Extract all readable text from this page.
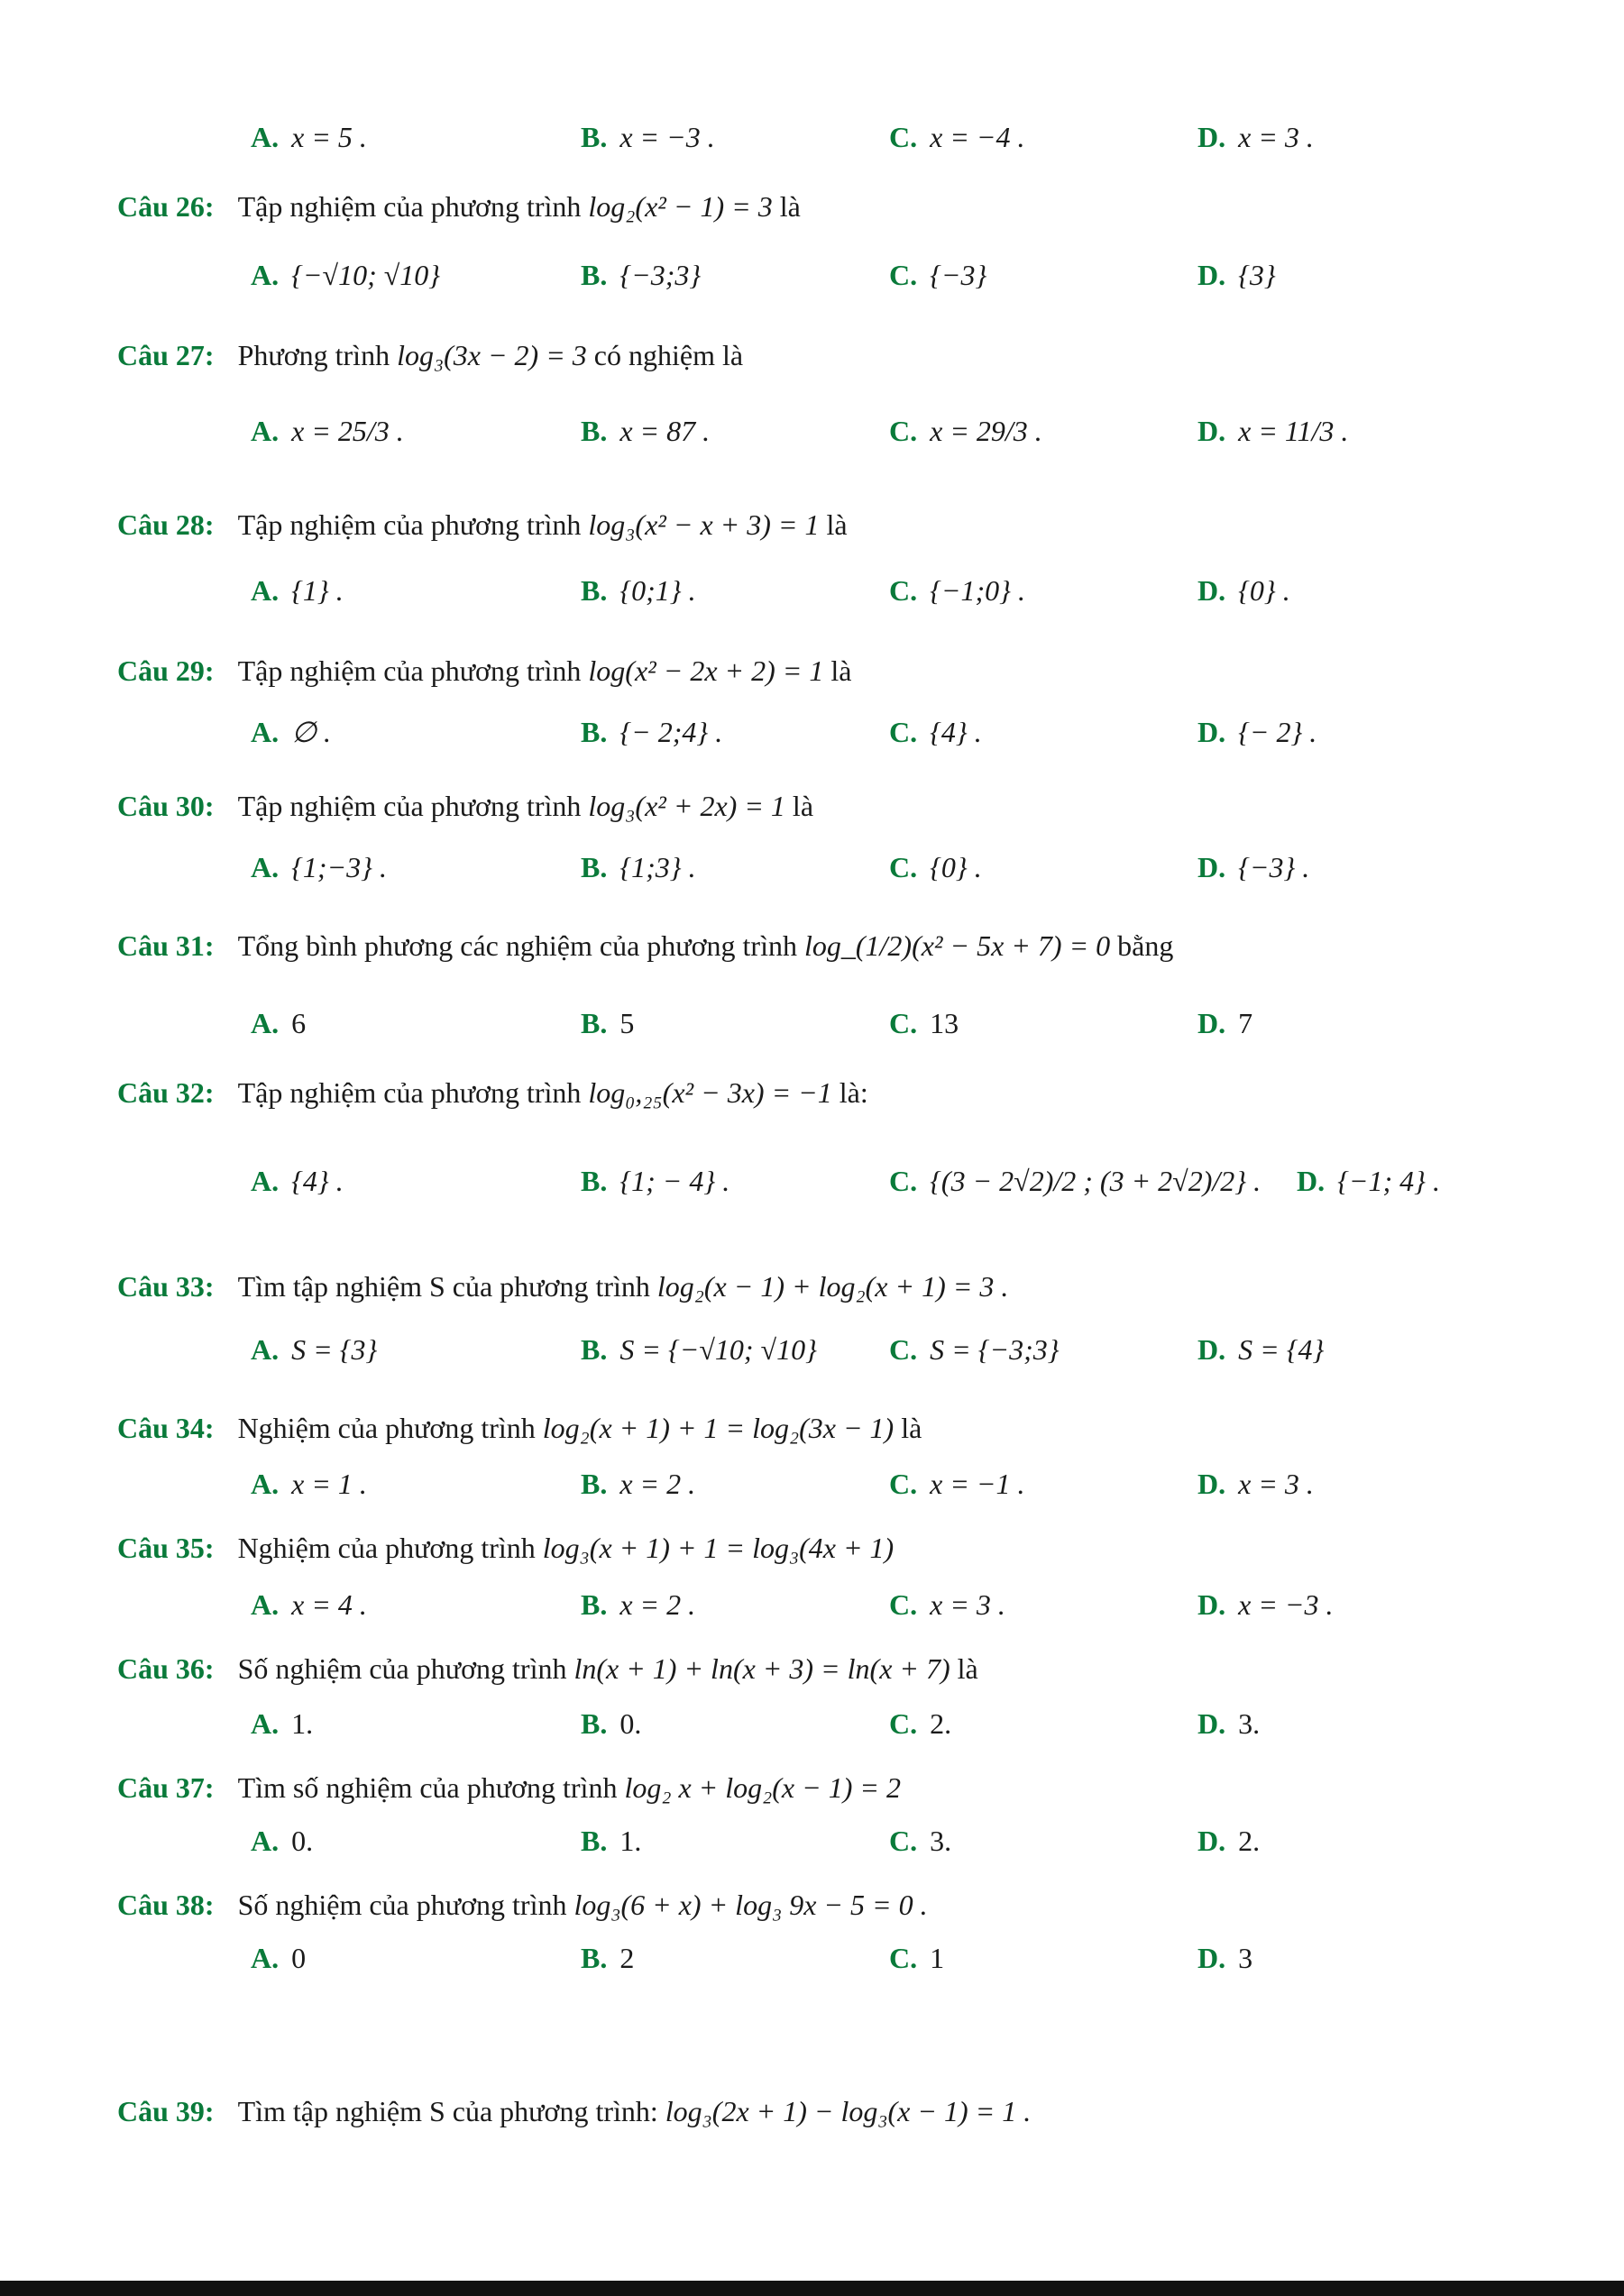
A. x = 5 .	B. x = −3 .	C. x = −4 .	D. x = 3 .
Câu 26: Tập nghiệm của phương trình log₂(x² − 1) = 3 là
A. {−√10; √10}	B. {−3;3}	C. {−3}	D. {3}
Câu 27: Phương trình log₃(3x − 2) = 3 có nghiệm là
A. x = 25/3 .	B. x = 87 .	C. x = 29/3 .	D. x = 11/3 .
Câu 28: Tập nghiệm của phương trình log₃(x² − x + 3) = 1 là
A. {1} .	B. {0;1} .	C. {−1;0} .	D. {0} .
Câu 29: Tập nghiệm của phương trình log(x² − 2x + 2) = 1 là
A. ∅ .	B. {− 2;4} .	C. {4} .	D. {− 2} .
Câu 30: Tập nghiệm của phương trình log₃(x² + 2x) = 1 là
A. {1;−3} .	B. {1;3} .	C. {0} .	D. {−3} .
Câu 31: Tổng bình phương các nghiệm của phương trình log_(1/2)(x² − 5x + 7) = 0 bằng
A. 6	B. 5	C. 13	D. 7
Câu 32: Tập nghiệm của phương trình log₀,₂₅(x² − 3x) = −1 là:
A. {4} .	B. {1; − 4} .	C. {(3 − 2√2)/2 ; (3 + 2√2)/2} . D. {−1; 4} .
Câu 33: Tìm tập nghiệm S của phương trình log₂(x − 1) + log₂(x + 1) = 3 .
A. S = {3}	B. S = {−√10; √10}	C. S = {−3;3}	D. S = {4}
Câu 34: Nghiệm của phương trình log₂(x + 1) + 1 = log₂(3x − 1) là
A. x = 1 .	B. x = 2 .	C. x = −1 .	D. x = 3 .
Câu 35: Nghiệm của phương trình log₃(x + 1) + 1 = log₃(4x + 1)
A. x = 4 .	B. x = 2 .	C. x = 3 .	D. x = −3 .
Câu 36: Số nghiệm của phương trình ln(x + 1) + ln(x + 3) = ln(x + 7) là
A. 1.	B. 0.	C. 2.	D. 3.
Câu 37: Tìm số nghiệm của phương trình log₂ x + log₂(x − 1) = 2
A. 0.	B. 1.	C. 3.	D. 2.
Câu 38: Số nghiệm của phương trình log₃(6 + x) + log₃ 9x − 5 = 0 .
A. 0	B. 2	C. 1	D. 3
Câu 39: Tìm tập nghiệm S của phương trình: log₃(2x + 1) − log₃(x − 1) = 1 .
